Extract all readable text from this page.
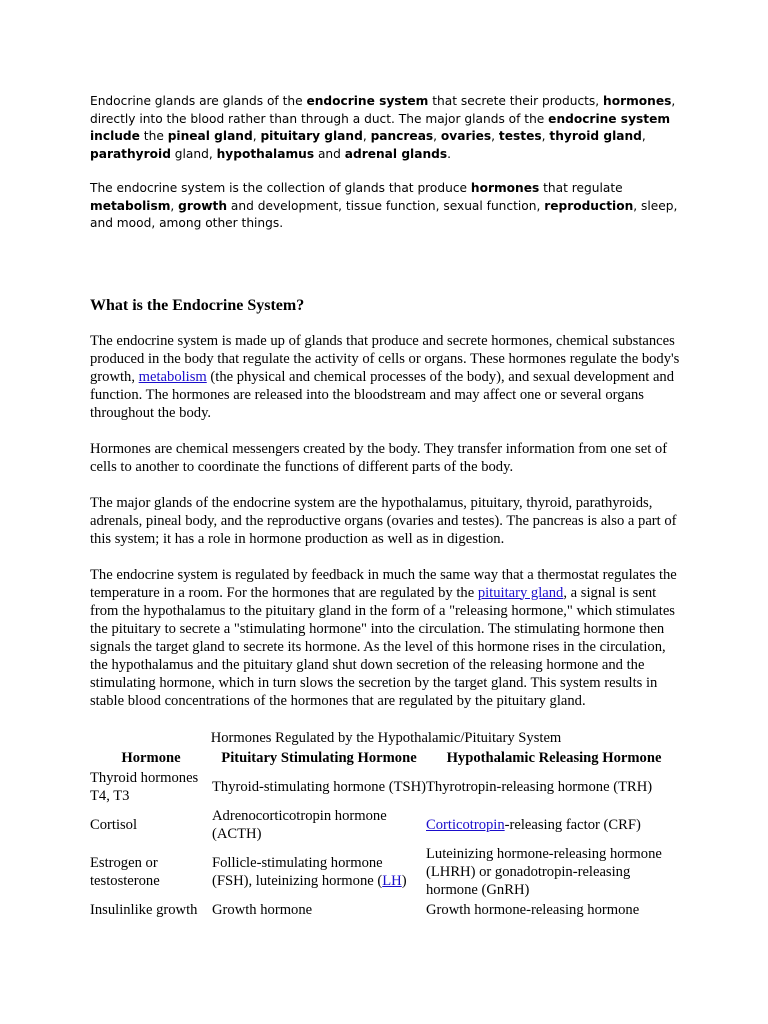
Endocrine glands are glands of the endocrine system that secrete their products, hormones, directly into the blood rather than through a duct. The major glands of the endocrine system include the pineal gland, pituitary gland, pancreas, ovaries, testes, thyroid gland, parathyroid gland, hypothalamus and adrenal glands.

The endocrine system is the collection of glands that produce hormones that regulate metabolism, growth and development, tissue function, sexual function, reproduction, sleep, and mood, among other things.

What is the Endocrine System?

The endocrine system is made up of glands that produce and secrete hormones, chemical substances produced in the body that regulate the activity of cells or organs. These hormones regulate the body's growth, metabolism (the physical and chemical processes of the body), and sexual development and function. The hormones are released into the bloodstream and may affect one or several organs throughout the body.

Hormones are chemical messengers created by the body. They transfer information from one set of cells to another to coordinate the functions of different parts of the body.

The major glands of the endocrine system are the hypothalamus, pituitary, thyroid, parathyroids, adrenals, pineal body, and the reproductive organs (ovaries and testes). The pancreas is also a part of this system; it has a role in hormone production as well as in digestion.

The endocrine system is regulated by feedback in much the same way that a thermostat regulates the temperature in a room. For the hormones that are regulated by the pituitary gland, a signal is sent from the hypothalamus to the pituitary gland in the form of a "releasing hormone," which stimulates the pituitary to secrete a "stimulating hormone" into the circulation. The stimulating hormone then signals the target gland to secrete its hormone. As the level of this hormone rises in the circulation, the hypothalamus and the pituitary gland shut down secretion of the releasing hormone and the stimulating hormone, which in turn slows the secretion by the target gland. This system results in stable blood concentrations of the hormones that are regulated by the pituitary gland.

Hormones Regulated by the Hypothalamic/Pituitary System
Hormone	Pituitary Stimulating Hormone	Hypothalamic Releasing Hormone
Thyroid hormones T4, T3	Thyroid-stimulating hormone (TSH)	Thyrotropin-releasing hormone (TRH)
Cortisol	Adrenocorticotropin hormone (ACTH)	Corticotropin-releasing factor (CRF)
Estrogen or testosterone	Follicle-stimulating hormone (FSH), luteinizing hormone (LH)	Luteinizing hormone-releasing hormone (LHRH) or gonadotropin-releasing hormone (GnRH)
Insulinlike growth	Growth hormone	Growth hormone-releasing hormone
